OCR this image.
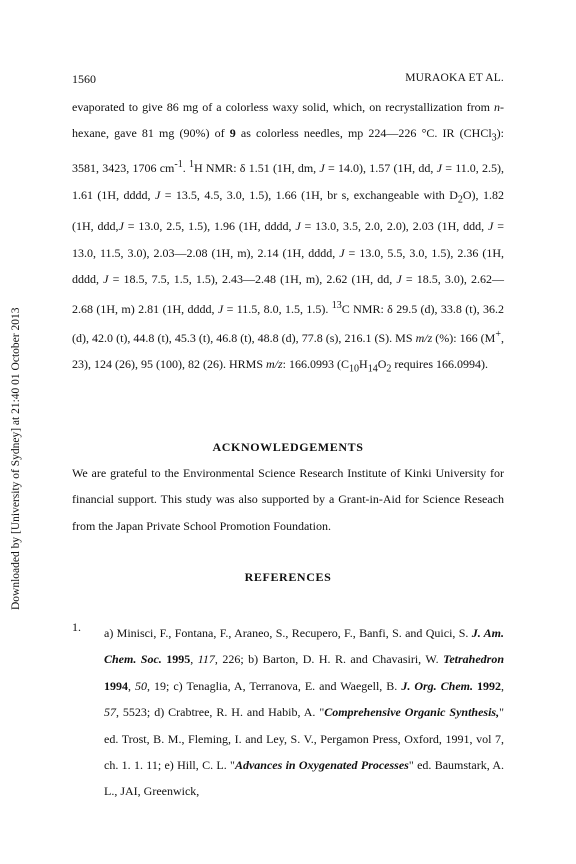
1560	MURAOKA ET AL.
Downloaded by [University of Sydney] at 21:40 01 October 2013
evaporated to give 86 mg of a colorless waxy solid, which, on recrystallization from n-hexane, gave 81 mg (90%) of 9 as colorless needles, mp 224—226 °C. IR (CHCl$_3$): 3581, 3423, 1706 $cm^{-1}$. $^1$H NMR: δ 1.51 (1H, dm, J = 14.0), 1.57 (1H, dd, J = 11.0, 2.5), 1.61 (1H, dddd, J = 13.5, 4.5, 3.0, 1.5), 1.66 (1H, br s, exchangeable with $D_2O$), 1.82 (1H, ddd,J = 13.0, 2.5, 1.5), 1.96 (1H, dddd, J = 13.0, 3.5, 2.0, 2.0), 2.03 (1H, ddd, J = 13.0, 11.5, 3.0), 2.03—2.08 (1H, m), 2.14 (1H, dddd, J = 13.0, 5.5, 3.0, 1.5), 2.36 (1H, dddd, J = 18.5, 7.5, 1.5, 1.5), 2.43—2.48 (1H, m), 2.62 (1H, dd, J = 18.5, 3.0), 2.62—2.68 (1H, m) 2.81 (1H, dddd, J = 11.5, 8.0, 1.5, 1.5). $^{13}$C NMR: δ 29.5 (d), 33.8 (t), 36.2 (d), 42.0 (t), 44.8 (t), 45.3 (t), 46.8 (t), 48.8 (d), 77.8 (s), 216.1 (S). MS m/z (%): 166 (M+, 23), 124 (26), 95 (100), 82 (26). HRMS m/z: 166.0993 ($C_{10}H_{14}O_2$ requires 166.0994).
ACKNOWLEDGEMENTS
We are grateful to the Environmental Science Research Institute of Kinki University for financial support. This study was also supported by a Grant-in-Aid for Science Reseach from the Japan Private School Promotion Foundation.
REFERENCES
1. a) Minisci, F., Fontana, F., Araneo, S., Recupero, F., Banfi, S. and Quici, S. J. Am. Chem. Soc. 1995, 117, 226; b) Barton, D. H. R. and Chavasiri, W. Tetrahedron 1994, 50, 19; c) Tenaglia, A, Terranova, E. and Waegell, B. J. Org. Chem. 1992, 57, 5523; d) Crabtree, R. H. and Habib, A. "Comprehensive Organic Synthesis," ed. Trost, B. M., Fleming, I. and Ley, S. V., Pergamon Press, Oxford, 1991, vol 7, ch. 1. 1. 11; e) Hill, C. L. "Advances in Oxygenated Processes" ed. Baumstark, A. L., JAI, Greenwick,
